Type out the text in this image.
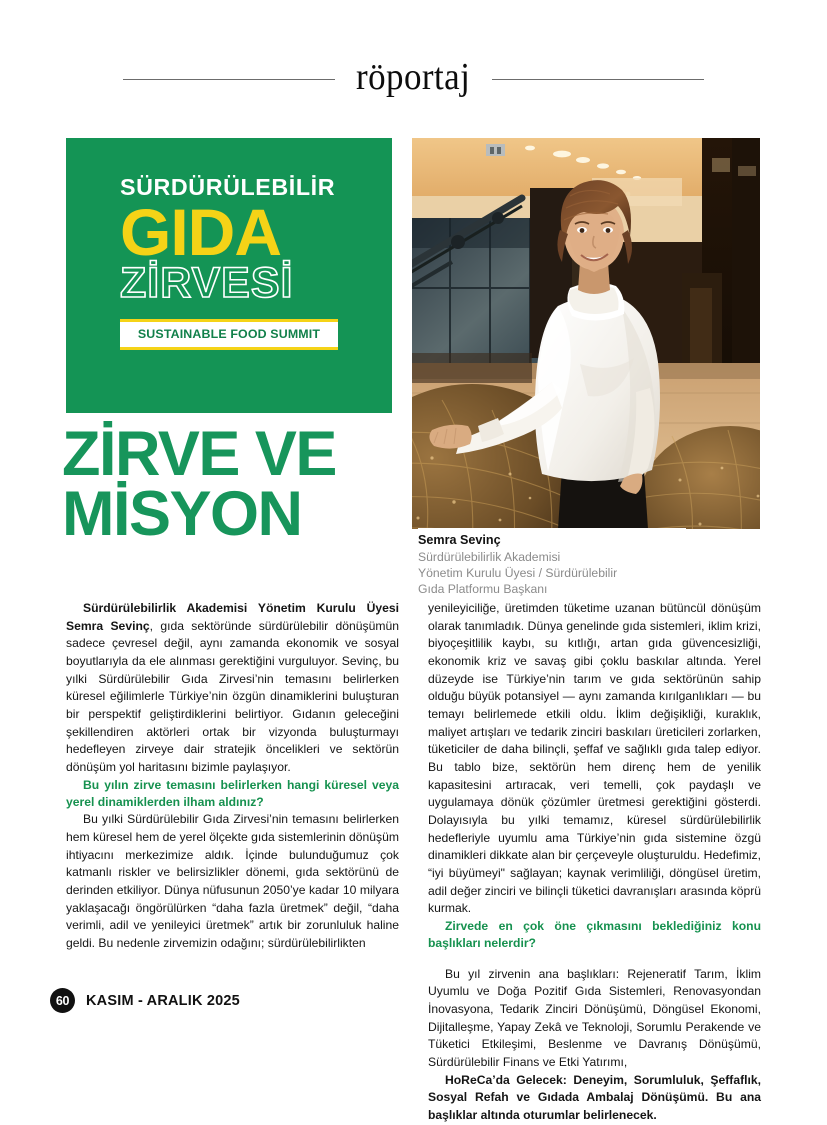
röportaj
SÜRDÜRÜLEBİLİR
GIDA
ZİRVESİ
SUSTAINABLE FOOD SUMMIT
ZİRVE VE
MİSYON	Semra Sevinç
Sürdürülebilirlik Akademisi
Yönetim Kurulu Üyesi / Sürdürülebilir
Gıda Platformu Başkanı

Sürdürülebilirlik Akademisi Yönetim Kurulu Üyesi Semra Sevinç, gıda sektöründe sürdürülebilir dönüşümün sadece çevresel değil, aynı zamanda ekonomik ve sosyal boyutlarıyla da ele alınması gerektiğini vurguluyor. Sevinç, bu yılki Sürdürülebilir Gıda Zirvesi’nin temasını belirlerken küresel eğilimlerle Türkiye’nin özgün dinamiklerini buluşturan bir perspektif geliştirdiklerini belirtiyor. Gıdanın geleceğini şekillendiren aktörleri ortak bir vizyonda buluşturmayı hedefleyen zirveye dair stratejik öncelikleri ve sektörün dönüşüm yol haritasını bizimle paylaşıyor.

Bu yılın zirve temasını belirlerken hangi küresel veya yerel dinamiklerden ilham aldınız?

Bu yılki Sürdürülebilir Gıda Zirvesi’nin temasını belirlerken hem küresel hem de yerel ölçekte gıda sistemlerinin dönüşüm ihtiyacını merkezimize aldık. İçinde bulunduğumuz çok katmanlı riskler ve belirsizlikler dönemi, gıda sektörünü de derinden etkiliyor. Dünya nüfusunun 2050’ye kadar 10 milyara yaklaşacağı öngörülürken “daha fazla üretmek” değil, “daha verimli, adil ve yenileyici üretmek” artık bir zorunluluk haline geldi. Bu nedenle zirvemizin odağını; sürdürülebilirlikten

yenileyiciliğe, üretimden tüketime uzanan bütüncül dönüşüm olarak tanımladık. Dünya genelinde gıda sistemleri, iklim krizi, biyoçeşitlilik kaybı, su kıtlığı, artan gıda güvencesizliği, ekonomik kriz ve savaş gibi çoklu baskılar altında. Yerel düzeyde ise Türkiye’nin tarım ve gıda sektörünün sahip olduğu büyük potansiyel — aynı zamanda kırılganlıkları — bu temayı belirlemede etkili oldu. İklim değişikliği, kuraklık, maliyet artışları ve tedarik zinciri baskıları üreticileri zorlarken, tüketiciler de daha bilinçli, şeffaf ve sağlıklı gıda talep ediyor. Bu tablo bize, sektörün hem direnç hem de yenilik kapasitesini artıracak, veri temelli, çok paydaşlı ve uygulamaya dönük çözümler üretmesi gerektiğini gösterdi. Dolayısıyla bu yılki temamız, küresel sürdürülebilirlik hedefleriyle uyumlu ama Türkiye’nin gıda sistemine özgü dinamikleri dikkate alan bir çerçeveyle oluşturuldu. Hedefimiz, “iyi büyümeyi" sağlayan; kaynak verimliliği, döngüsel üretim, adil değer zinciri ve bilinçli tüketici davranışları arasında köprü kurmak.

Zirvede en çok öne çıkmasını beklediğiniz konu başlıkları nelerdir?

Bu yıl zirvenin ana başlıkları: Rejeneratif Tarım, İklim Uyumlu ve Doğa Pozitif Gıda Sistemleri, Renovasyondan İnovasyona, Tedarik Zinciri Dönüşümü, Döngüsel Ekonomi, Dijitalleşme, Yapay Zekâ ve Teknoloji, Sorumlu Perakende ve Tüketici Etkileşimi, Beslenme ve Davranış Dönüşümü, Sürdürülebilir Finans ve Etki Yatırımı,

HoReCa’da Gelecek: Deneyim, Sorumluluk, Şeffaflık, Sosyal Refah ve Gıdada Ambalaj Dönüşümü. Bu ana başlıklar altında oturumlar belirlenecek.

60	KASIM - ARALIK 2025
